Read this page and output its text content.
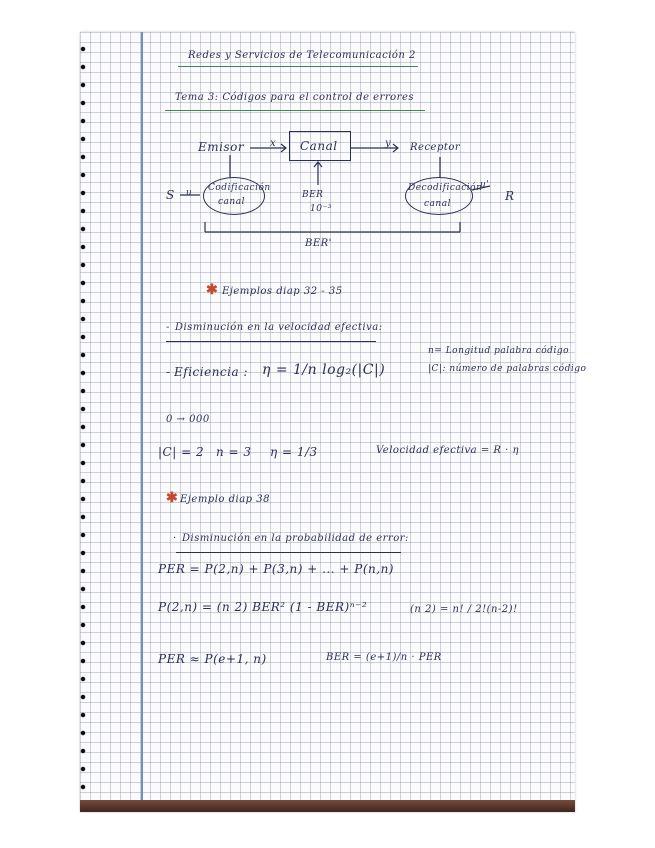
Redes y Servicios de Telecomunicación 2
Tema 3: Códigos para el control de errores
Emisor	x Canal	y Receptor
S u Codificación
canal
BER
10⁻³
Decodificación
canal
u'
R
BER'
✱ Ejemplos diap 32 - 35
- Disminución en la velocidad efectiva:
n= Longitud palabra código
|C|: número de palabras código
- Eficiencia : η = 1/n log₂(|C|)
0 → 000
|C| = 2 n = 3 η = 1/3	Velocidad efectiva = R · η
✱ Ejemplo diap 38
· Disminución en la probabilidad de error:
PER = P(2,n) + P(3,n) + ... + P(n,n)
P(2,n) = (n 2) BER² (1 - BER)ⁿ⁻²	(n 2) = n! / 2!(n-2)!
PER ≈ P(e+1, n)	BER = (e+1)/n · PER
